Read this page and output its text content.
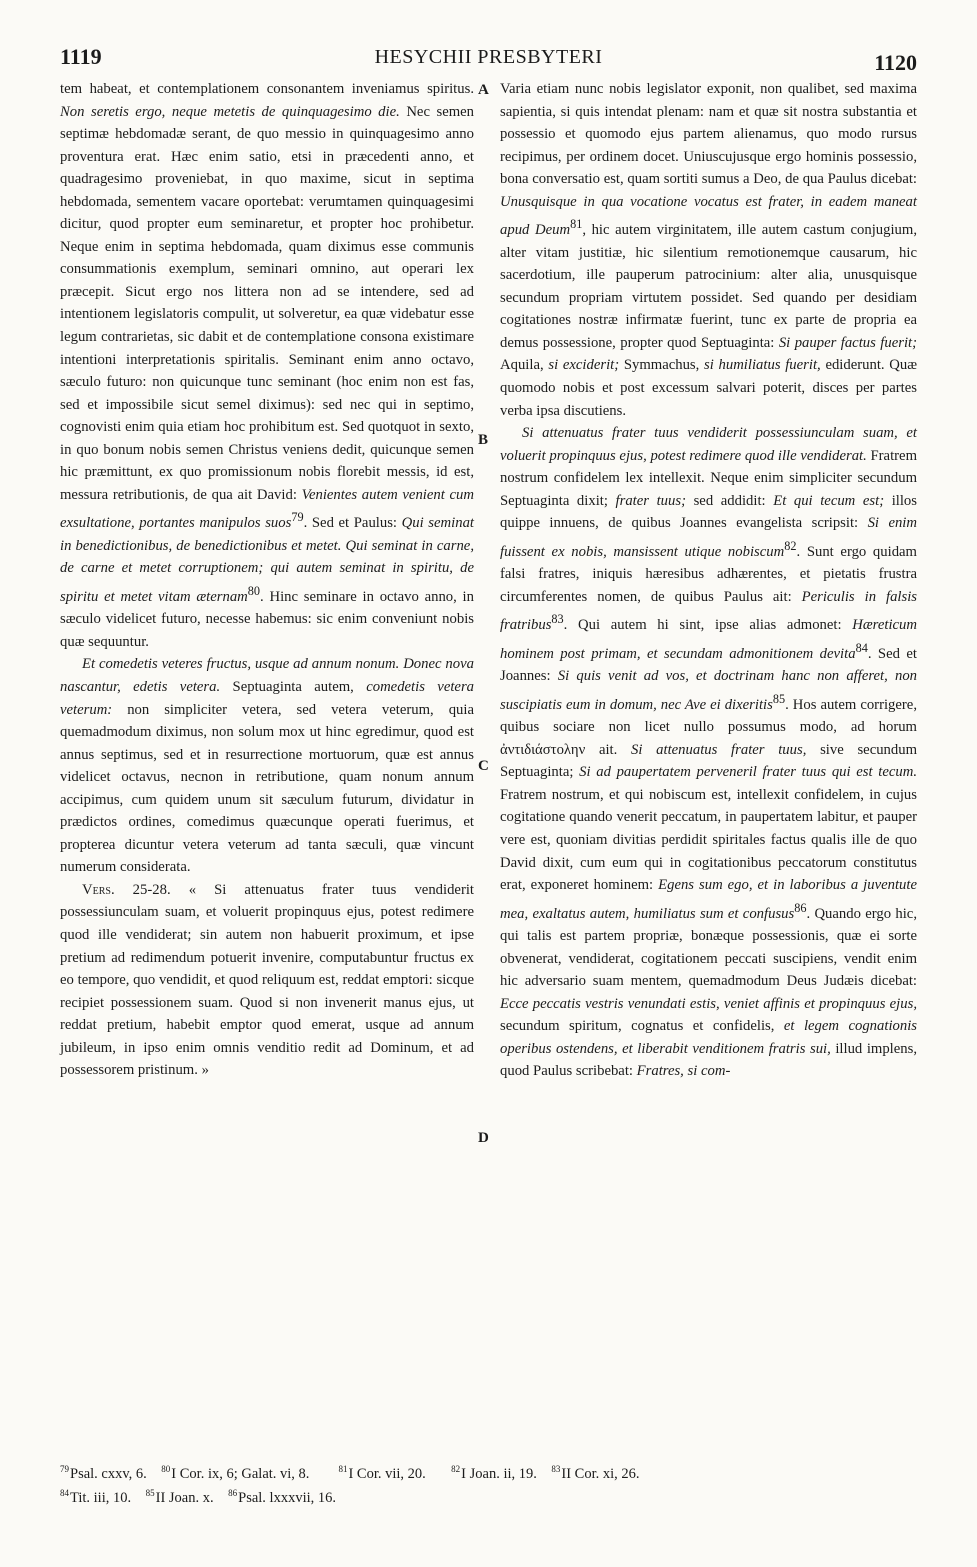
1119	HESYCHII PRESBYTERI	1120
A
B
C
D

tem habeat, et contemplationem consonantem inveniamus spiritus. Non seretis ergo, neque metetis de quinquagesimo die. Nec semen septimæ hebdomadæ serant, de quo messio in quinquagesimo anno proventura erat. Hæc enim satio, etsi in præcedenti anno, et quadragesimo proveniebat, in quo maxime, sicut in septima hebdomada, sementem vacare oportebat: verumtamen quinquagesimi dicitur, quod propter eum seminaretur, et propter hoc prohibetur. Neque enim in septima hebdomada, quam diximus esse communis consummationis exemplum, seminari omnino, aut operari lex præcepit. Sicut ergo nos littera non ad se intendere, sed ad intentionem legislatoris compulit, ut solveretur, ea quæ videbatur esse legum contrarietas, sic dabit et de contemplatione consona existimare intentioni interpretationis spiritalis. Seminant enim anno octavo, sæculo futuro: non quicunque tunc seminant (hoc enim non est fas, sed et impossibile sicut semel diximus): sed nec qui in septimo, cognovisti enim quia etiam hoc prohibitum est. Sed quotquot in sexto, in quo bonum nobis semen Christus veniens dedit, quicunque semen hic præmittunt, ex quo promissionum nobis florebit messis, id est, messura retributionis, de qua ait David: Venientes autem venient cum exsultatione, portantes manipulos suos$^{79}$. Sed et Paulus: Qui seminat in benedictionibus, de benedictionibus et metet. Qui seminat in carne, de carne et metet corruptionem; qui autem seminat in spiritu, de spiritu et metet vitam æternam$^{80}$. Hinc seminare in octavo anno, in sæculo videlicet futuro, necesse habemus: sic enim conveniunt nobis quæ sequuntur.

Et comedetis veteres fructus, usque ad annum nonum. Donec nova nascantur, edetis vetera. Septuaginta autem, comedetis vetera veterum: non simpliciter vetera, sed vetera veterum, quia quemadmodum diximus, non solum mox ut hinc egredimur, quod est annus septimus, sed et in resurrectione mortuorum, quæ est annus videlicet octavus, necnon in retributione, quam nonum annum accipimus, cum quidem unum sit sæculum futurum, dividatur in prædictos ordines, comedimus quæcunque operati fuerimus, et propterea dicuntur vetera veterum ad tanta sæculi, quæ vincunt numerum considerata.

Vers. 25-28. « Si attenuatus frater tuus vendiderit possessiunculam suam, et voluerit propinquus ejus, potest redimere quod ille vendiderat; sin autem non habuerit proximum, et ipse pretium ad redimendum potuerit invenire, computabuntur fructus ex eo tempore, quo vendidit, et quod reliquum est, reddat emptori: sicque recipiet possessionem suam. Quod si non invenerit manus ejus, ut reddat pretium, habebit emptor quod emerat, usque ad annum jubileum, in ipso enim omnis venditio redit ad Dominum, et ad possessorem pristinum. »

Varia etiam nunc nobis legislator exponit, non qualibet, sed maxima sapientia, si quis intendat plenam: nam et quæ sit nostra substantia et possessio et quomodo ejus partem alienamus, quo modo rursus recipimus, per ordinem docet. Uniuscujusque ergo hominis possessio, bona conversatio est, quam sortiti sumus a Deo, de qua Paulus dicebat: Unusquisque in qua vocatione vocatus est frater, in eadem maneat apud Deum$^{81}$, hic autem virginitatem, ille autem castum conjugium, alter vitam justitiæ, hic silentium remotionemque causarum, hic sacerdotium, ille pauperum patrocinium: alter alia, unusquisque secundum propriam virtutem possidet. Sed quando per desidiam cogitationes nostræ infirmatæ fuerint, tunc ex parte de propria ea demus possessione, propter quod Septuaginta: Si pauper factus fuerit; Aquila, si exciderit; Symmachus, si humiliatus fuerit, ediderunt. Quæ quomodo nobis et post excessum salvari poterit, disces per partes verba ipsa discutiens.

Si attenuatus frater tuus vendiderit possessiunculam suam, et voluerit propinquus ejus, potest redimere quod ille vendiderat. Fratrem nostrum confidelem lex intellexit. Neque enim simpliciter secundum Septuaginta dixit; frater tuus; sed addidit: Et qui tecum est; illos quippe innuens, de quibus Joannes evangelista scripsit: Si enim fuissent ex nobis, mansissent utique nobiscum$^{82}$. Sunt ergo quidam falsi fratres, iniquis hæresibus adhærentes, et pietatis frustra circumferentes nomen, de quibus Paulus ait: Periculis in falsis fratribus$^{83}$. Qui autem hi sint, ipse alias admonet: Hæreticum hominem post primam, et secundam admonitionem devita$^{84}$. Sed et Joannes: Si quis venit ad vos, et doctrinam hanc non afferet, non suscipiatis eum in domum, nec Ave ei dixeritis$^{85}$. Hos autem corrigere, quibus sociare non licet nullo possumus modo, ad horum ἀντιδιάστολην ait. Si attenuatus frater tuus, sive secundum Septuaginta; Si ad paupertatem perveneril frater tuus qui est tecum. Fratrem nostrum, et qui nobiscum est, intellexit confidelem, in cujus cogitatione quando venerit peccatum, in paupertatem labitur, et pauper vere est, quoniam divitias perdidit spiritales factus qualis ille de quo David dixit, cum eum qui in cogitationibus peccatorum constitutus erat, exponeret hominem: Egens sum ego, et in laboribus a juventute mea, exaltatus autem, humiliatus sum et confusus$^{86}$. Quando ergo hic, qui talis est partem propriæ, bonæque possessionis, quæ ei sorte obvenerat, vendiderat, cogitationem peccati suscipiens, vendit enim hic adversario suam mentem, quemadmodum Deus Judæis dicebat: Ecce peccatis vestris venundati estis, veniet affinis et propinquus ejus, secundum spiritum, cognatus et confidelis, et legem cognationis operibus ostendens, et liberabit venditionem fratris sui, illud implens, quod Paulus scribebat: Fratres, si com-

$^{79}$Psal. cxxv, 6. $^{80}$I Cor. ix, 6; Galat. vi, 8.	$^{81}$I Cor. vii, 20.	$^{82}$I Joan. ii, 19. $^{83}$II Cor. xi, 26.
$^{84}$Tit. iii, 10. $^{85}$II Joan. x. $^{86}$Psal. lxxxvii, 16.
